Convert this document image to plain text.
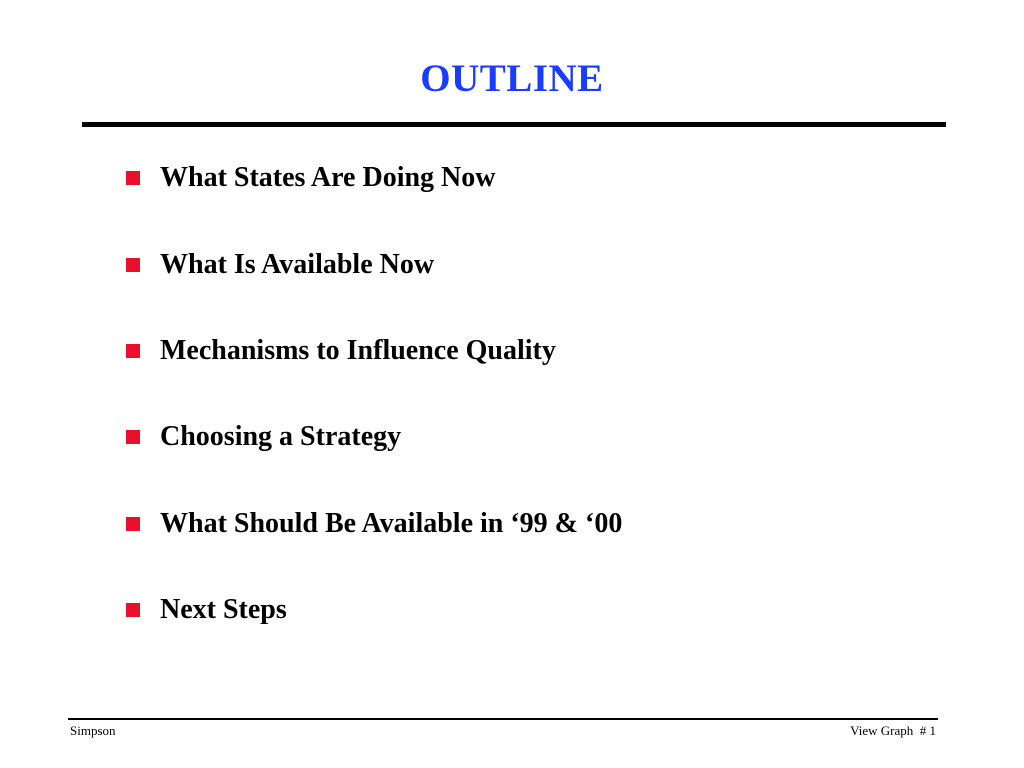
OUTLINE
What States Are Doing Now
What Is Available Now
Mechanisms to Influence Quality
Choosing a Strategy
What Should Be Available in ‘99 & ‘00
Next Steps
Simpson	View Graph  # 1
